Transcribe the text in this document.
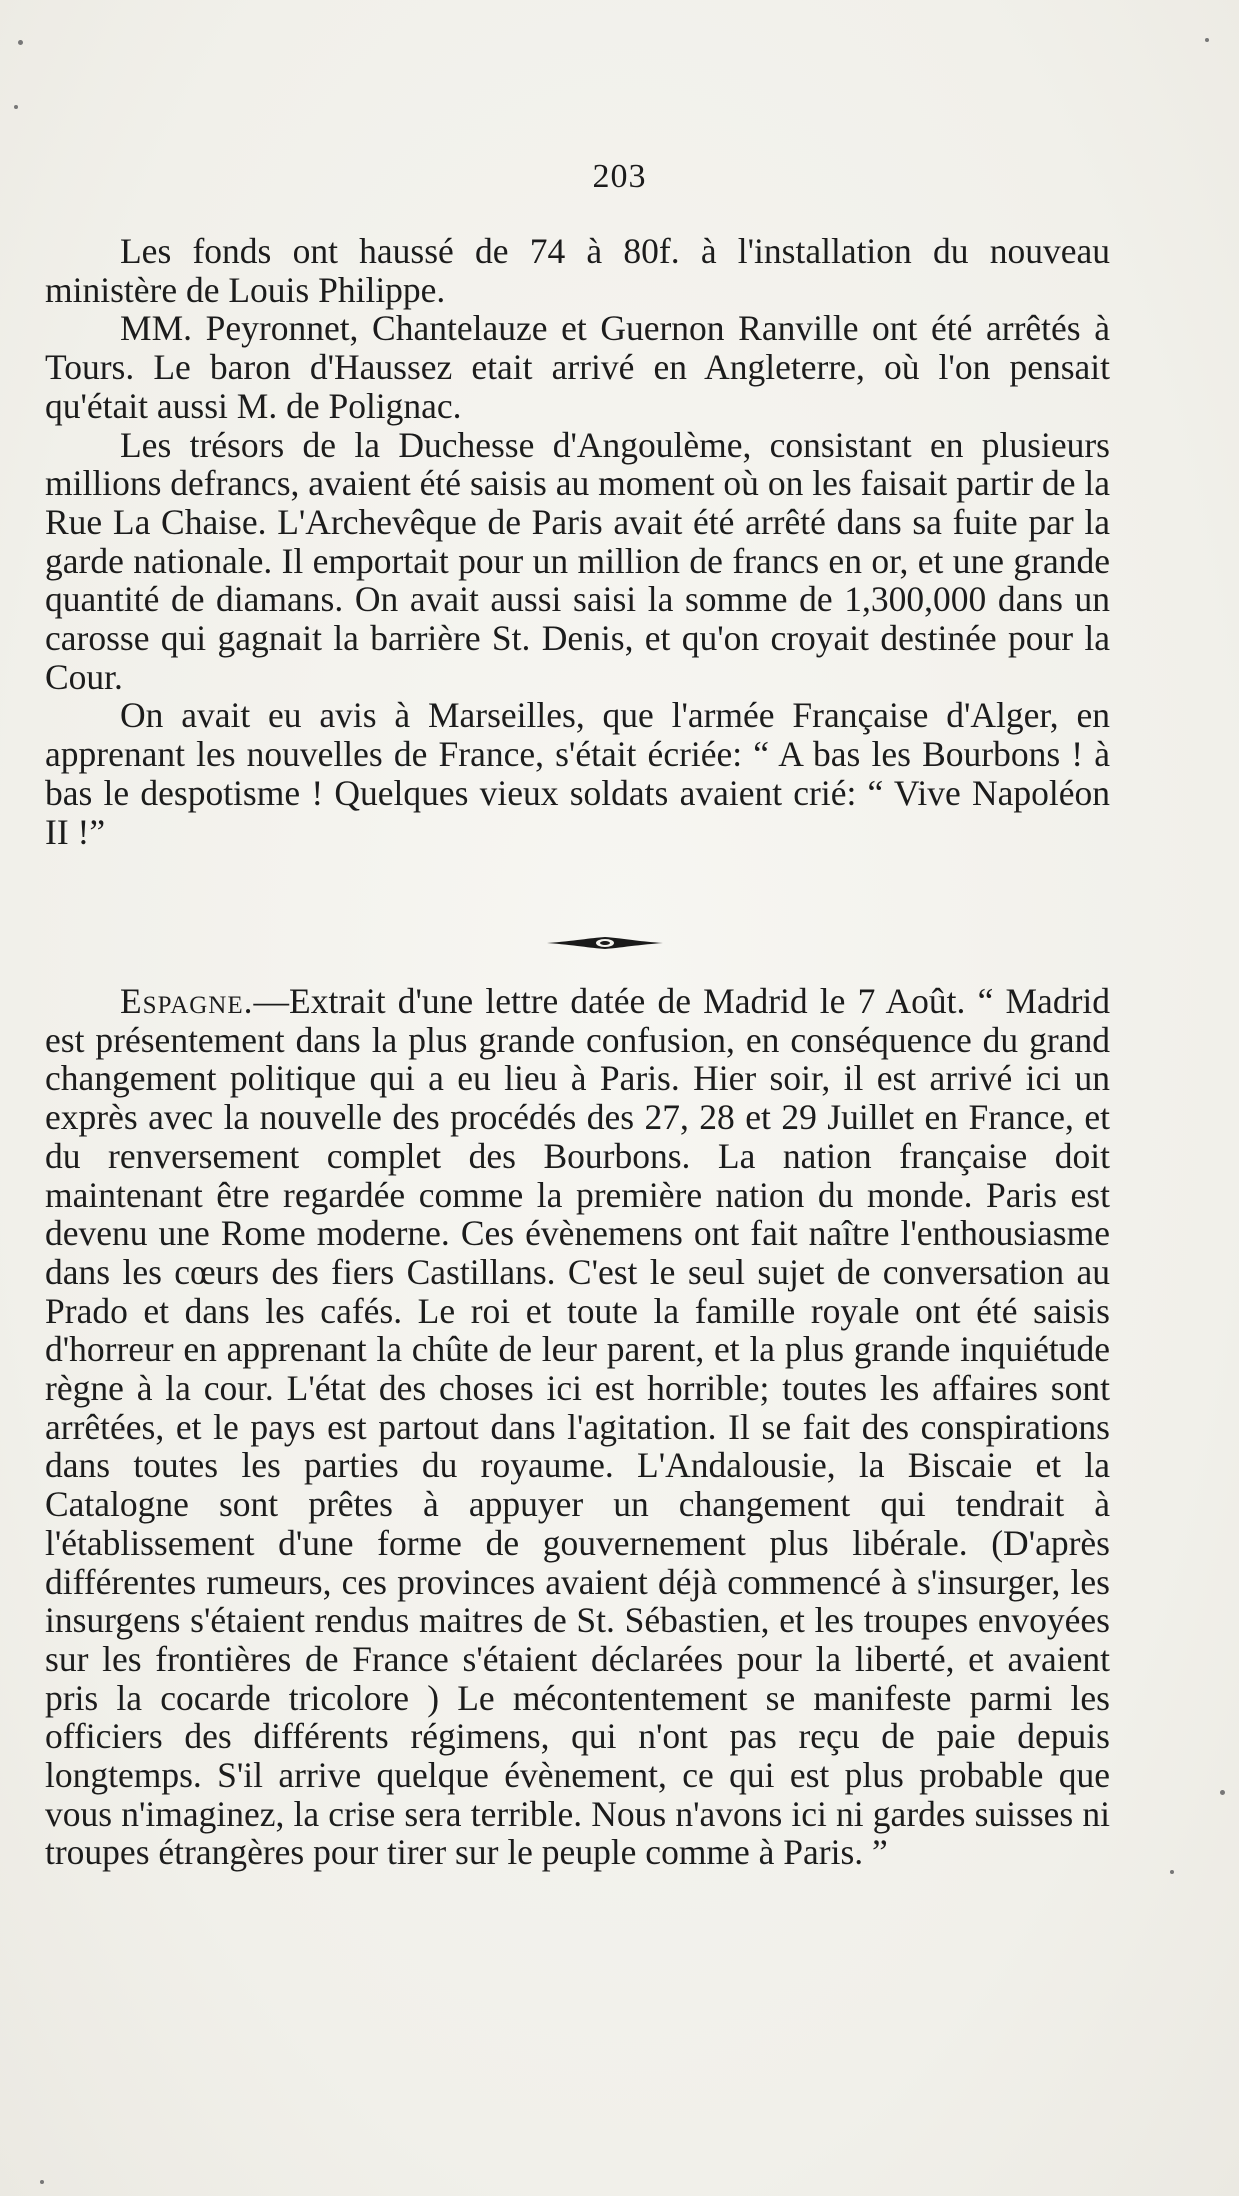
203

Les fonds ont haussé de 74 à 80f. à l'installation du nouveau ministère de Louis Philippe.

MM. Peyronnet, Chantelauze et Guernon Ranville ont été arrêtés à Tours. Le baron d'Haussez etait arrivé en Angleterre, où l'on pensait qu'était aussi M. de Polignac.

Les trésors de la Duchesse d'Angoulème, consistant en plusieurs millions defrancs, avaient été saisis au moment où on les faisait partir de la Rue La Chaise. L'Archevêque de Paris avait été arrêté dans sa fuite par la garde nationale. Il emportait pour un million de francs en or, et une grande quantité de diamans. On avait aussi saisi la somme de 1,300,000 dans un carosse qui gagnait la barrière St. Denis, et qu'on croyait destinée pour la Cour.

On avait eu avis à Marseilles, que l'armée Française d'Alger, en apprenant les nouvelles de France, s'était écriée: “ A bas les Bourbons ! à bas le despotisme ! Quelques vieux soldats avaient crié: “ Vive Napoléon II !”

Espagne.—Extrait d'une lettre datée de Madrid le 7 Août. “ Madrid est présentement dans la plus grande confusion, en conséquence du grand changement politique qui a eu lieu à Paris. Hier soir, il est arrivé ici un exprès avec la nouvelle des procédés des 27, 28 et 29 Juillet en France, et du renversement complet des Bourbons. La nation française doit maintenant être regardée comme la première nation du monde. Paris est devenu une Rome moderne. Ces évènemens ont fait naître l'enthousiasme dans les cœurs des fiers Castillans. C'est le seul sujet de conversation au Prado et dans les cafés. Le roi et toute la famille royale ont été saisis d'horreur en apprenant la chûte de leur parent, et la plus grande inquiétude règne à la cour. L'état des choses ici est horrible; toutes les affaires sont arrêtées, et le pays est partout dans l'agitation. Il se fait des conspirations dans toutes les parties du royaume. L'Andalousie, la Biscaie et la Catalogne sont prêtes à appuyer un changement qui tendrait à l'établissement d'une forme de gouvernement plus libérale. (D'après différentes rumeurs, ces provinces avaient déjà commencé à s'insurger, les insurgens s'étaient rendus maitres de St. Sébastien, et les troupes envoyées sur les frontières de France s'étaient déclarées pour la liberté, et avaient pris la cocarde tricolore ) Le mécontentement se manifeste parmi les officiers des différents régimens, qui n'ont pas reçu de paie depuis longtemps. S'il arrive quelque évènement, ce qui est plus probable que vous n'imaginez, la crise sera terrible. Nous n'avons ici ni gardes suisses ni troupes étrangères pour tirer sur le peuple comme à Paris. ”
